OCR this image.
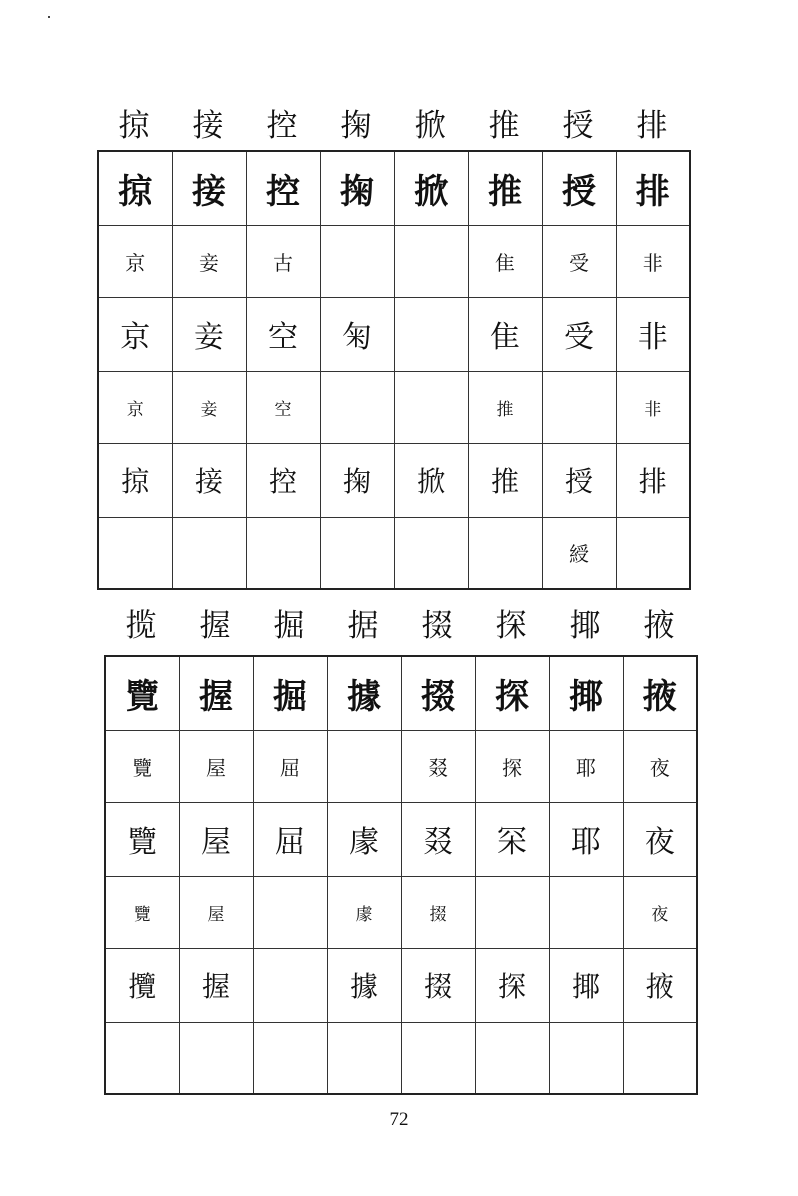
掠	接	控	掬	掀	推	授	排
掠	接	控	掬	掀	推	授	排
京	妾	古			隹	受	非
京	妾	空	匊		隹	受	非
京	妾	空			推		非
掠	接	控	掬	掀	推	授	排
						綬	
揽	握	掘	据	掇	探	揶	掖
覽	握	掘	據	掇	探	揶	掖
覽	屋	屈		叕	探	耶	夜
覽	屋	屈	豦	叕	罙	耶	夜
覽	屋		豦	掇			夜
攬	握		據	掇	探	揶	掖

72
